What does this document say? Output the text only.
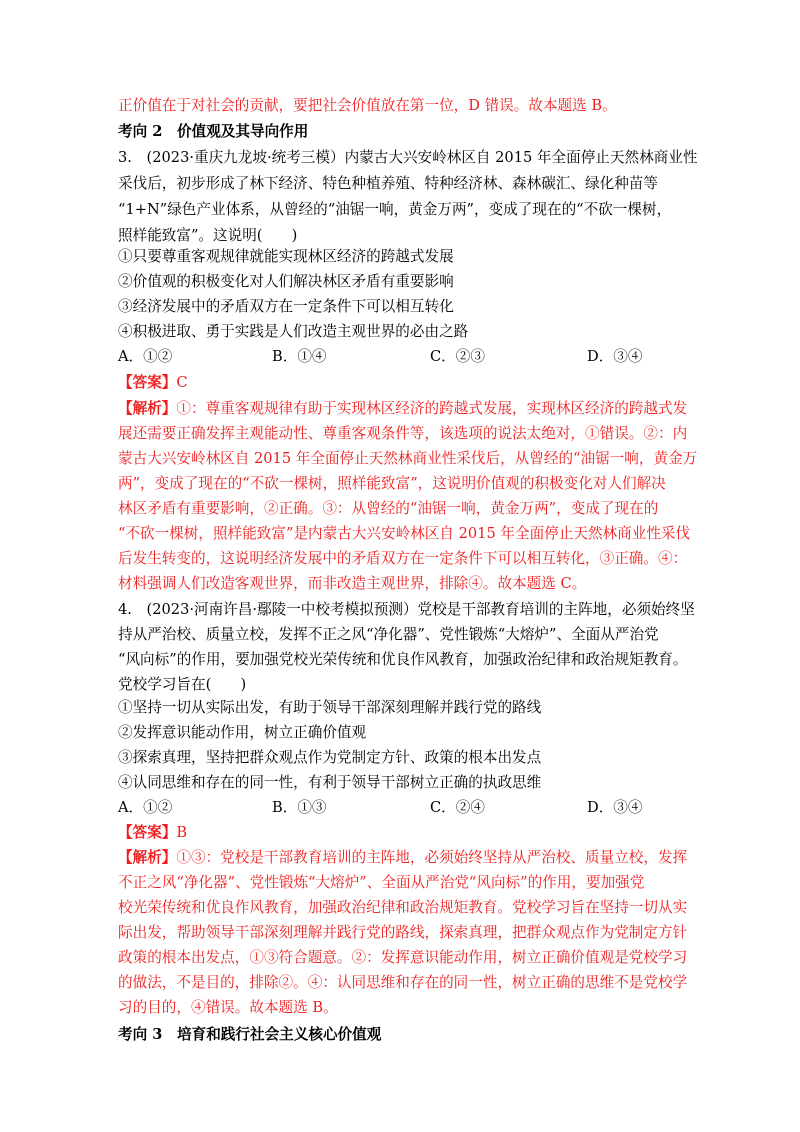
正价值在于对社会的贡献，要把社会价值放在第一位，D 错误。故本题选 B。
考向 2　价值观及其导向作用
3.　(2023·重庆九龙坡·统考三模）内蒙古大兴安岭林区自 2015 年全面停止天然林商业性
采伐后，初步形成了林下经济、特色种植养殖、特种经济林、森林碳汇、绿化种苗等
“1+N”绿色产业体系，从曾经的“油锯一响，黄金万两”，变成了现在的“不砍一棵树，
照样能致富”。这说明(　　)
①只要尊重客观规律就能实现林区经济的跨越式发展
②价值观的积极变化对人们解决林区矛盾有重要影响
③经济发展中的矛盾双方在一定条件下可以相互转化
④积极进取、勇于实践是人们改造主观世界的必由之路
A．①②	B．①④	C．②③	D．③④
【答案】C
【解析】①：尊重客观规律有助于实现林区经济的跨越式发展，实现林区经济的跨越式发
展还需要正确发挥主观能动性、尊重客观条件等，该选项的说法太绝对，①错误。②：内
蒙古大兴安岭林区自 2015 年全面停止天然林商业性采伐后，从曾经的“油锯一响，黄金万
两”，变成了现在的“不砍一棵树，照样能致富”，这说明价值观的积极变化对人们解决
林区矛盾有重要影响，②正确。③：从曾经的“油锯一响，黄金万两”，变成了现在的
“不砍一棵树，照样能致富”是内蒙古大兴安岭林区自 2015 年全面停止天然林商业性采伐
后发生转变的，这说明经济发展中的矛盾双方在一定条件下可以相互转化，③正确。④：
材料强调人们改造客观世界，而非改造主观世界，排除④。故本题选 C。
4.　(2023·河南许昌·鄢陵一中校考模拟预测）党校是干部教育培训的主阵地，必须始终坚
持从严治校、质量立校，发挥不正之风“净化器”、党性锻炼“大熔炉”、全面从严治党
“风向标”的作用，要加强党校光荣传统和优良作风教育，加强政治纪律和政治规矩教育。
党校学习旨在(　　)
①坚持一切从实际出发，有助于领导干部深刻理解并践行党的路线
②发挥意识能动作用，树立正确价值观
③探索真理，坚持把群众观点作为党制定方针、政策的根本出发点
④认同思维和存在的同一性，有利于领导干部树立正确的执政思维
A．①②	B．①③	C．②④	D．③④
【答案】B
【解析】①③：党校是干部教育培训的主阵地，必须始终坚持从严治校、质量立校，发挥
不正之风“净化器”、党性锻炼“大熔炉”、全面从严治党“风向标”的作用，要加强党
校光荣传统和优良作风教育，加强政治纪律和政治规矩教育。党校学习旨在坚持一切从实
际出发，帮助领导干部深刻理解并践行党的路线，探索真理，把群众观点作为党制定方针
政策的根本出发点，①③符合题意。②：发挥意识能动作用，树立正确价值观是党校学习
的做法，不是目的，排除②。④：认同思维和存在的同一性，树立正确的思维不是党校学
习的目的，④错误。故本题选 B。
考向 3　培育和践行社会主义核心价值观
